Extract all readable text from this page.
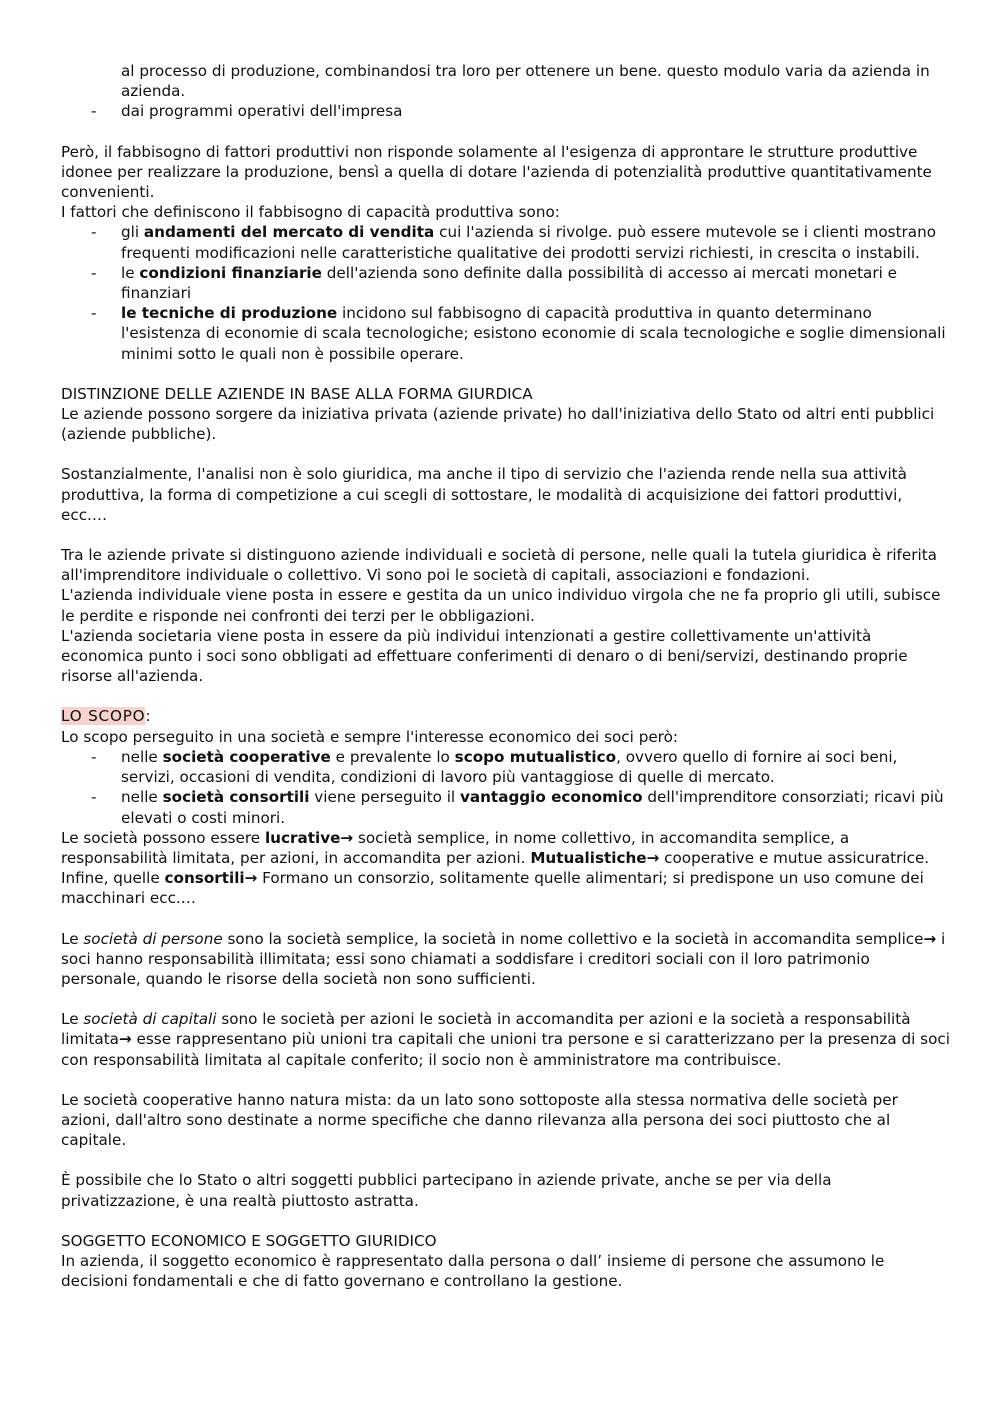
al processo di produzione, combinandosi tra loro per ottenere un bene. questo modulo varia da azienda in azienda.

- dai programmi operativi dell'impresa

Però, il fabbisogno di fattori produttivi non risponde solamente al l'esigenza di approntare le strutture produttive idonee per realizzare la produzione, bensì a quella di dotare l'azienda di potenzialità produttive quantitativamente convenienti.

I fattori che definiscono il fabbisogno di capacità produttiva sono:

- gli andamenti del mercato di vendita cui l'azienda si rivolge. può essere mutevole se i clienti mostrano frequenti modificazioni nelle caratteristiche qualitative dei prodotti servizi richiesti, in crescita o instabili.

- le condizioni finanziarie dell'azienda sono definite dalla possibilità di accesso ai mercati monetari e finanziari

- le tecniche di produzione incidono sul fabbisogno di capacità produttiva in quanto determinano l'esistenza di economie di scala tecnologiche; esistono economie di scala tecnologiche e soglie dimensionali minimi sotto le quali non è possibile operare.

DISTINZIONE DELLE AZIENDE IN BASE ALLA FORMA GIURDICA

Le aziende possono sorgere da iniziativa privata (aziende private) ho dall'iniziativa dello Stato od altri enti pubblici (aziende pubbliche).

Sostanzialmente, l'analisi non è solo giuridica, ma anche il tipo di servizio che l'azienda rende nella sua attività produttiva, la forma di competizione a cui scegli di sottostare, le modalità di acquisizione dei fattori produttivi, ecc.…

Tra le aziende private si distinguono aziende individuali e società di persone, nelle quali la tutela giuridica è riferita all'imprenditore individuale o collettivo. Vi sono poi le società di capitali, associazioni e fondazioni.

L'azienda individuale viene posta in essere e gestita da un unico individuo virgola che ne fa proprio gli utili, subisce le perdite e risponde nei confronti dei terzi per le obbligazioni.

L'azienda societaria viene posta in essere da più individui intenzionati a gestire collettivamente un'attività economica punto i soci sono obbligati ad effettuare conferimenti di denaro o di beni/servizi, destinando proprie risorse all'azienda.

LO SCOPO:

Lo scopo perseguito in una società e sempre l'interesse economico dei soci però:

- nelle società cooperative e prevalente lo scopo mutualistico, ovvero quello di fornire ai soci beni, servizi, occasioni di vendita, condizioni di lavoro più vantaggiose di quelle di mercato.

- nelle società consortili viene perseguito il vantaggio economico dell'imprenditore consorziati; ricavi più elevati o costi minori.

Le società possono essere lucrative→ società semplice, in nome collettivo, in accomandita semplice, a responsabilità limitata, per azioni, in accomandita per azioni. Mutualistiche→ cooperative e mutue assicuratrice. Infine, quelle consortili→ Formano un consorzio, solitamente quelle alimentari; si predispone un uso comune dei macchinari ecc.…

Le società di persone sono la società semplice, la società in nome collettivo e la società in accomandita semplice→ i soci hanno responsabilità illimitata; essi sono chiamati a soddisfare i creditori sociali con il loro patrimonio personale, quando le risorse della società non sono sufficienti.

Le società di capitali sono le società per azioni le società in accomandita per azioni e la società a responsabilità limitata→ esse rappresentano più unioni tra capitali che unioni tra persone e si caratterizzano per la presenza di soci con responsabilità limitata al capitale conferito; il socio non è amministratore ma contribuisce.

Le società cooperative hanno natura mista: da un lato sono sottoposte alla stessa normativa delle società per azioni, dall'altro sono destinate a norme specifiche che danno rilevanza alla persona dei soci piuttosto che al capitale.

È possibile che lo Stato o altri soggetti pubblici partecipano in aziende private, anche se per via della privatizzazione, è una realtà piuttosto astratta.

SOGGETTO ECONOMICO E SOGGETTO GIURIDICO

In azienda, il soggetto economico è rappresentato dalla persona o dall’ insieme di persone che assumono le decisioni fondamentali e che di fatto governano e controllano la gestione.
